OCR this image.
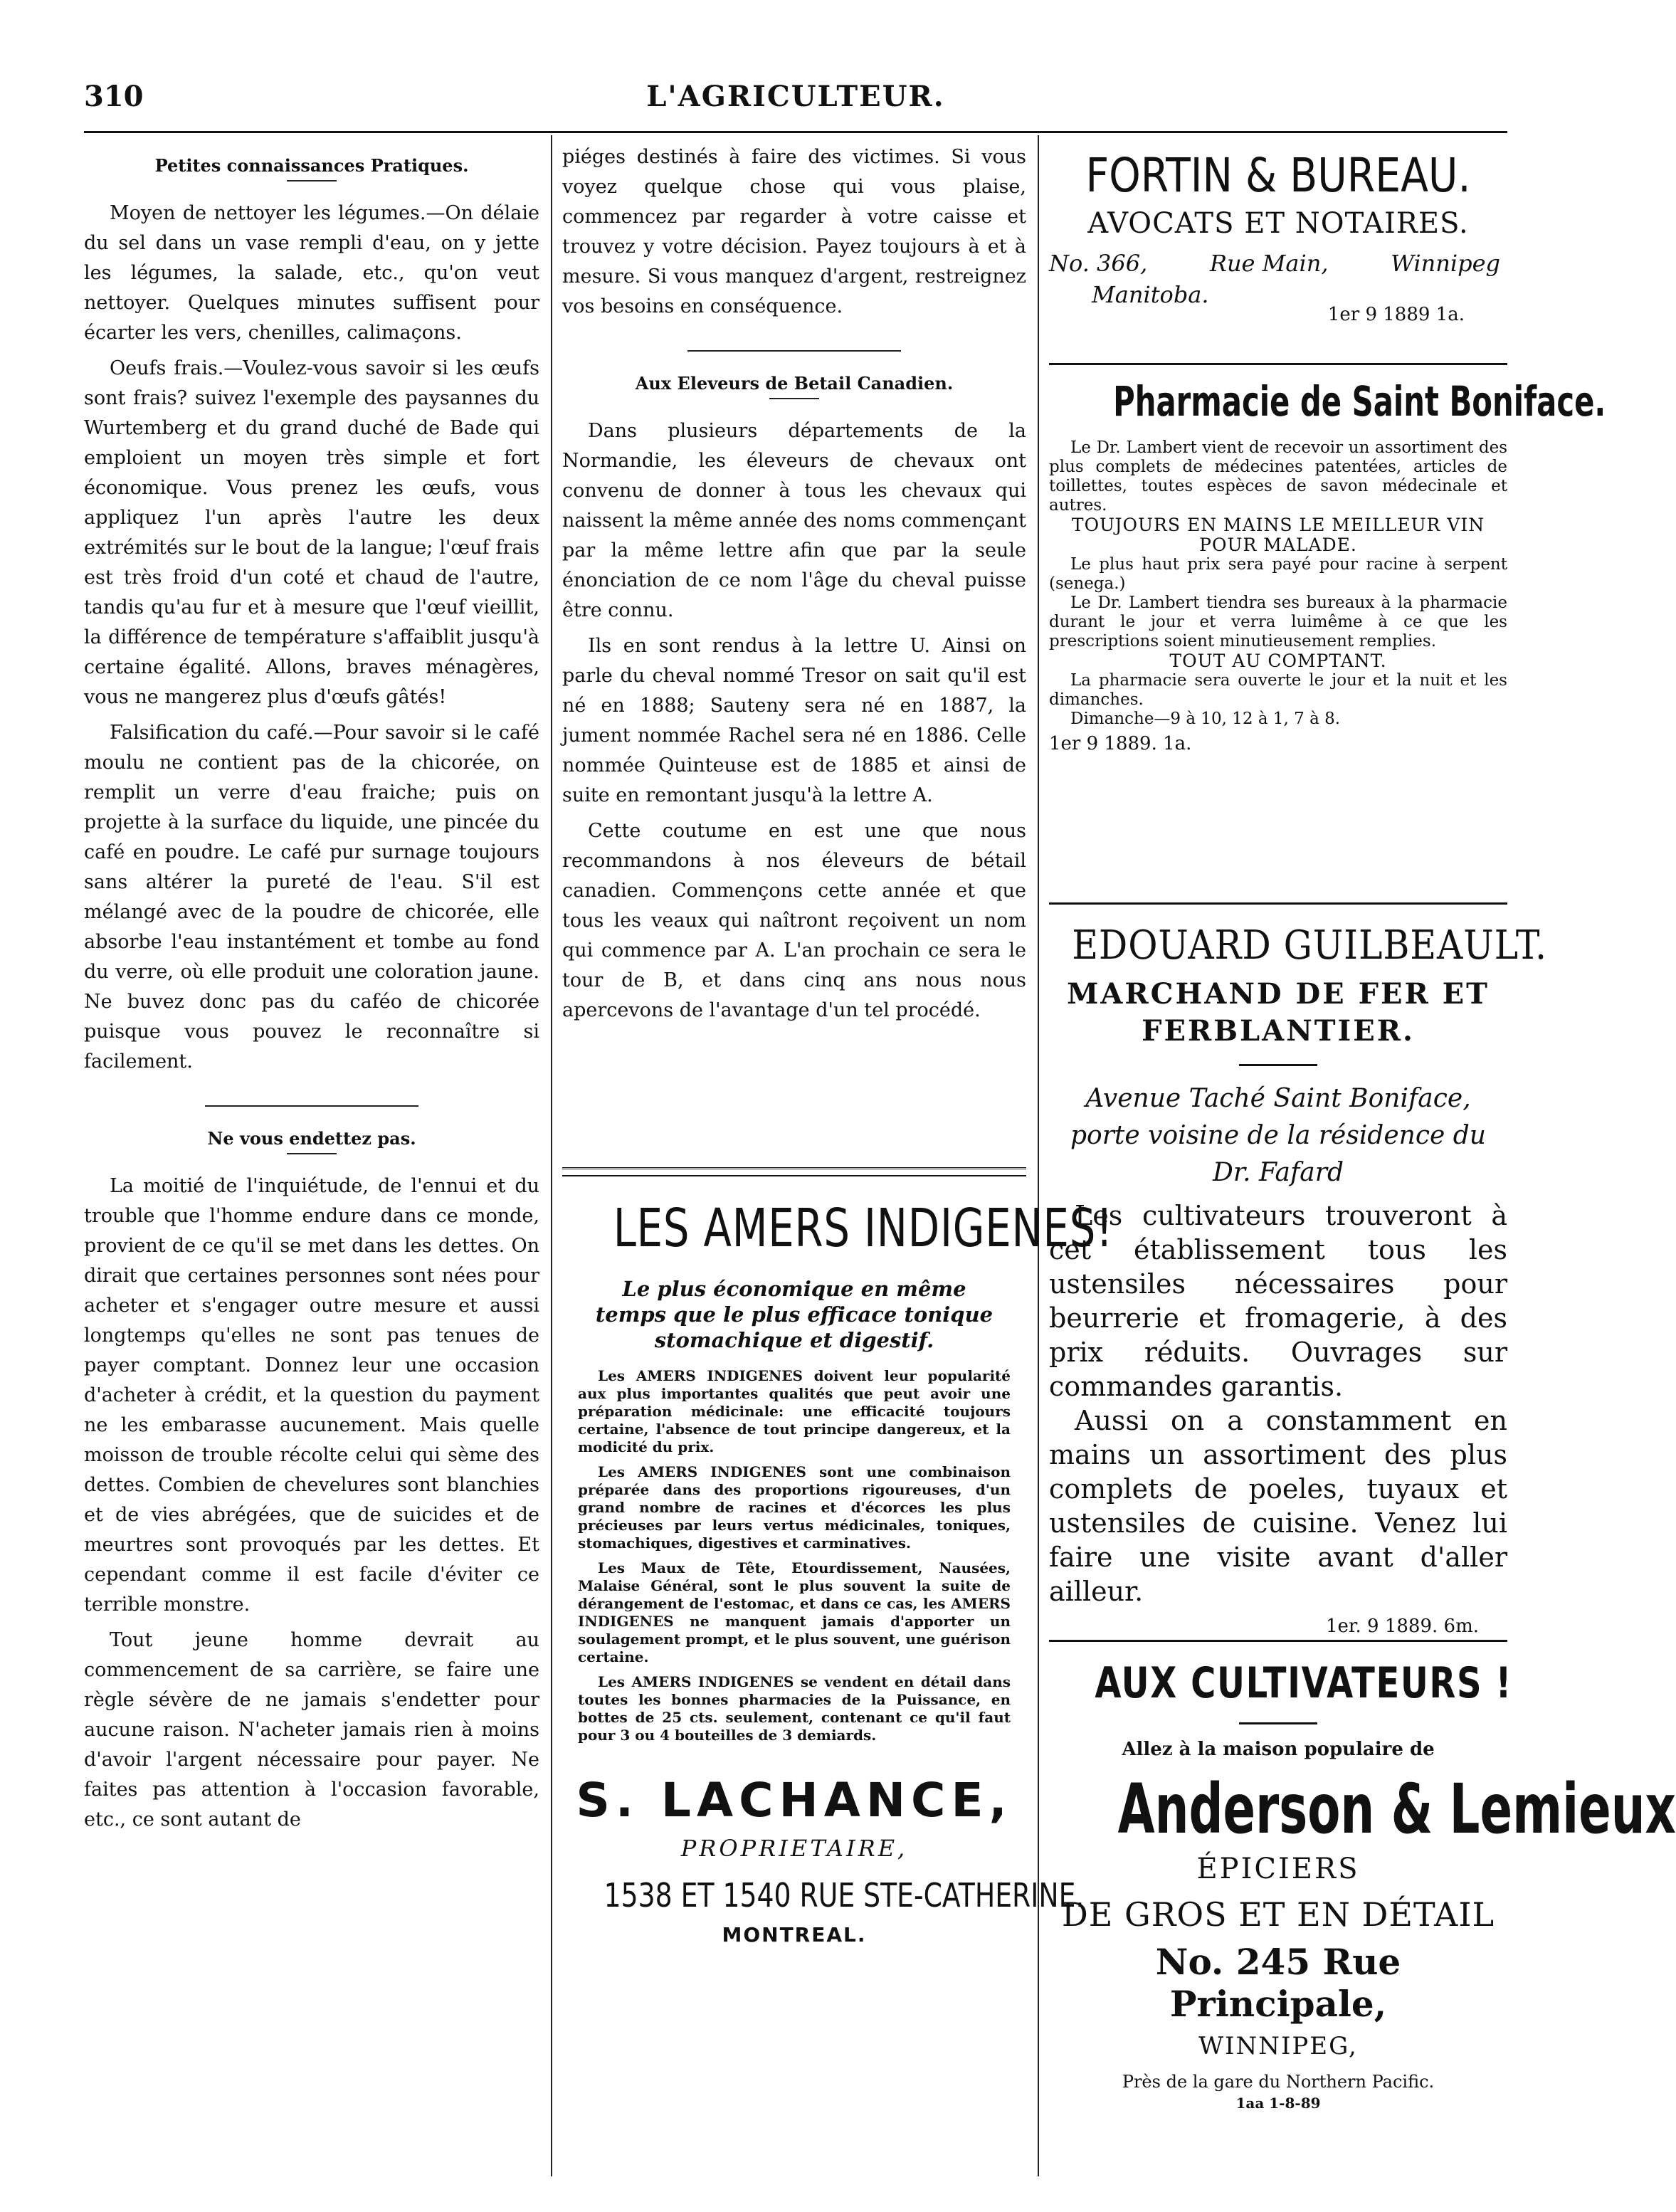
310	L'AGRICULTEUR.
Petites connaissances Pratiques.

Moyen de nettoyer les légumes.—On délaie du sel dans un vase rempli d'eau, on y jette les légumes, la salade, etc., qu'on veut nettoyer. Quelques minutes suffisent pour écarter les vers, chenilles, calimaçons.

Oeufs frais.—Voulez-vous savoir si les œufs sont frais? suivez l'exemple des paysannes du Wurtemberg et du grand duché de Bade qui emploient un moyen très simple et fort économique. Vous prenez les œufs, vous appliquez l'un après l'autre les deux extrémités sur le bout de la langue; l'œuf frais est très froid d'un coté et chaud de l'autre, tandis qu'au fur et à mesure que l'œuf vieillit, la différence de température s'affaiblit jusqu'à certaine égalité. Allons, braves ménagères, vous ne mangerez plus d'œufs gâtés!

Falsification du café.—Pour savoir si le café moulu ne contient pas de la chicorée, on remplit un verre d'eau fraiche; puis on projette à la surface du liquide, une pincée du café en poudre. Le café pur surnage toujours sans altérer la pureté de l'eau. S'il est mélangé avec de la poudre de chicorée, elle absorbe l'eau instantément et tombe au fond du verre, où elle produit une coloration jaune. Ne buvez donc pas du caféo de chicorée puisque vous pouvez le reconnaître si facilement.

Ne vous endettez pas.

La moitié de l'inquiétude, de l'ennui et du trouble que l'homme endure dans ce monde, provient de ce qu'il se met dans les dettes. On dirait que certaines personnes sont nées pour acheter et s'engager outre mesure et aussi longtemps qu'elles ne sont pas tenues de payer comptant. Donnez leur une occasion d'acheter à crédit, et la question du payment ne les embarasse aucunement. Mais quelle moisson de trouble récolte celui qui sème des dettes. Combien de chevelures sont blanchies et de vies abrégées, que de suicides et de meurtres sont provoqués par les dettes. Et cependant comme il est facile d'éviter ce terrible monstre.

Tout jeune homme devrait au commencement de sa carrière, se faire une règle sévère de ne jamais s'endetter pour aucune raison. N'acheter jamais rien à moins d'avoir l'argent nécessaire pour payer. Ne faites pas attention à l'occasion favorable, etc., ce sont autant de

piéges destinés à faire des victimes. Si vous voyez quelque chose qui vous plaise, commencez par regarder à votre caisse et trouvez y votre décision. Payez toujours à et à mesure. Si vous manquez d'argent, restreignez vos besoins en conséquence.

Aux Eleveurs de Betail Canadien.

Dans plusieurs départements de la Normandie, les éleveurs de chevaux ont convenu de donner à tous les chevaux qui naissent la même année des noms commençant par la même lettre afin que par la seule énonciation de ce nom l'âge du cheval puisse être connu.

Ils en sont rendus à la lettre U. Ainsi on parle du cheval nommé Tresor on sait qu'il est né en 1888; Sauteny sera né en 1887, la jument nommée Rachel sera né en 1886. Celle nommée Quinteuse est de 1885 et ainsi de suite en remontant jusqu'à la lettre A.

Cette coutume en est une que nous recommandons à nos éleveurs de bétail canadien. Commençons cette année et que tous les veaux qui naîtront reçoivent un nom qui commence par A. L'an prochain ce sera le tour de B, et dans cinq ans nous nous apercevons de l'avantage d'un tel procédé.

LES AMERS INDIGENES!
Le plus économique en même temps que le plus efficace tonique stomachique et digestif.

Les AMERS INDIGENES doivent leur popularité aux plus importantes qualités que peut avoir une préparation médicinale: une efficacité toujours certaine, l'absence de tout principe dangereux, et la modicité du prix.

Les AMERS INDIGENES sont une combinaison préparée dans des proportions rigoureuses, d'un grand nombre de racines et d'écorces les plus précieuses par leurs vertus médicinales, toniques, stomachiques, digestives et carminatives.

Les Maux de Tête, Etourdissement, Nausées, Malaise Général, sont le plus souvent la suite de dérangement de l'estomac, et dans ce cas, les AMERS INDIGENES ne manquent jamais d'apporter un soulagement prompt, et le plus souvent, une guérison certaine.

Les AMERS INDIGENES se vendent en détail dans toutes les bonnes pharmacies de la Puissance, en bottes de 25 cts. seulement, contenant ce qu'il faut pour 3 ou 4 bouteilles de 3 demiards.

S. LACHANCE,
PROPRIETAIRE,
1538 ET 1540 RUE STE-CATHERINE.
MONTREAL.
FORTIN & BUREAU.
AVOCATS ET NOTAIRES.
No. 366,	Rue Main,	Winnipeg
Manitoba.
1er 9 1889 1a.
Pharmacie de Saint Boniface.

Le Dr. Lambert vient de recevoir un assortiment des plus complets de médecines patentées, articles de toillettes, toutes espèces de savon médecinale et autres.

TOUJOURS EN MAINS LE MEILLEUR VIN POUR MALADE.

Le plus haut prix sera payé pour racine à serpent (senega.)

Le Dr. Lambert tiendra ses bureaux à la pharmacie durant le jour et verra luimême à ce que les prescriptions soient minutieusement remplies.

TOUT AU COMPTANT.

La pharmacie sera ouverte le jour et la nuit et les dimanches.

Dimanche—9 à 10, 12 à 1, 7 à 8.

1er 9 1889. 1a.
EDOUARD GUILBEAULT.
MARCHAND DE FER ET FERBLANTIER.
Avenue Taché Saint Boniface, porte voisine de la résidence du Dr. Fafard

Les cultivateurs trouveront à cet établissement tous les ustensiles nécessaires pour beurrerie et fromagerie, à des prix réduits. Ouvrages sur commandes garantis.

Aussi on a constamment en mains un assortiment des plus complets de poeles, tuyaux et ustensiles de cuisine. Venez lui faire une visite avant d'aller ailleur.

1er. 9 1889. 6m.
AUX CULTIVATEURS !
Allez à la maison populaire de
Anderson & Lemieux
ÉPICIERS
DE GROS ET EN DÉTAIL
No. 245 Rue Principale,
WINNIPEG,
Près de la gare du Northern Pacific.
1aa 1-8-89
